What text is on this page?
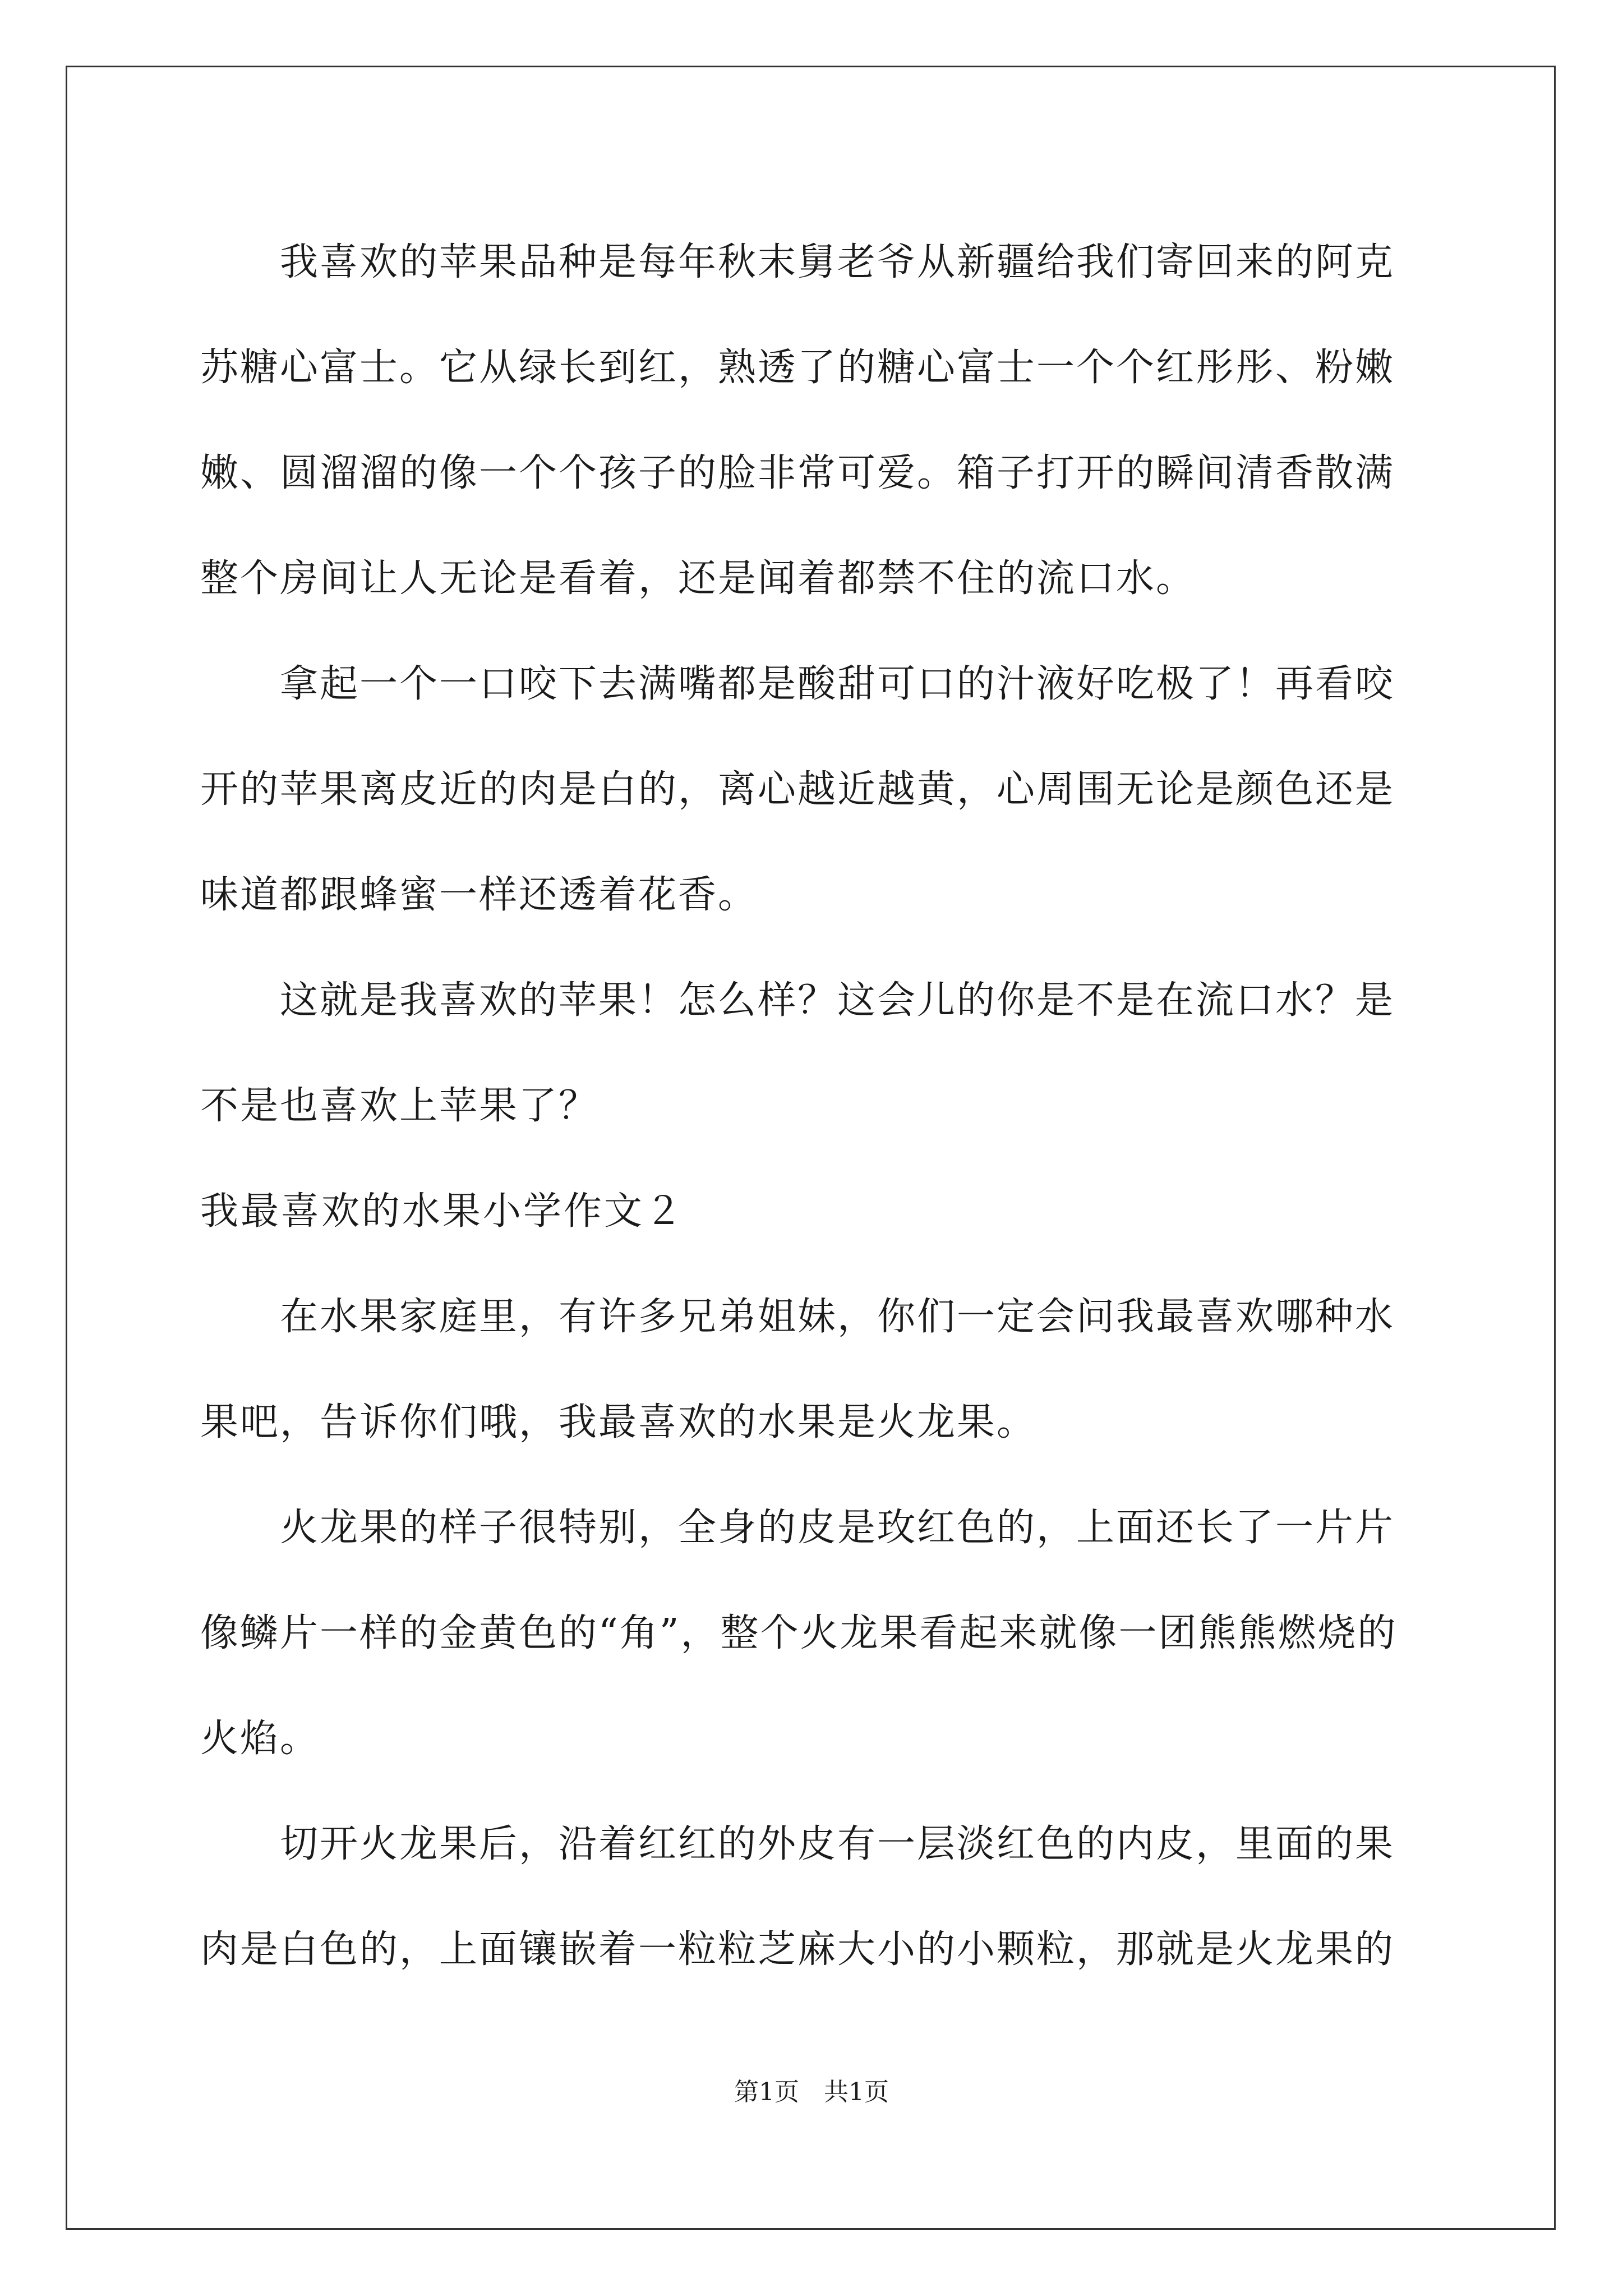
我喜欢的苹果品种是每年秋末舅老爷从新疆给我们寄回来的阿克
苏糖心富士。它从绿长到红，熟透了的糖心富士一个个红彤彤、粉嫩
嫩、圆溜溜的像一个个孩子的脸非常可爱。箱子打开的瞬间清香散满
整个房间让人无论是看着，还是闻着都禁不住的流口水。
拿起一个一口咬下去满嘴都是酸甜可口的汁液好吃极了！再看咬
开的苹果离皮近的肉是白的，离心越近越黄，心周围无论是颜色还是
味道都跟蜂蜜一样还透着花香。
这就是我喜欢的苹果！怎么样？这会儿的你是不是在流口水？是
不是也喜欢上苹果了？
我最喜欢的水果小学作文２
在水果家庭里，有许多兄弟姐妹，你们一定会问我最喜欢哪种水
果吧，告诉你们哦，我最喜欢的水果是火龙果。
火龙果的样子很特别，全身的皮是玫红色的，上面还长了一片片
像鳞片一样的金黄色的“角”，整个火龙果看起来就像一团熊熊燃烧的
火焰。
切开火龙果后，沿着红红的外皮有一层淡红色的内皮，里面的果
肉是白色的，上面镶嵌着一粒粒芝麻大小的小颗粒，那就是火龙果的
第1页　共1页
